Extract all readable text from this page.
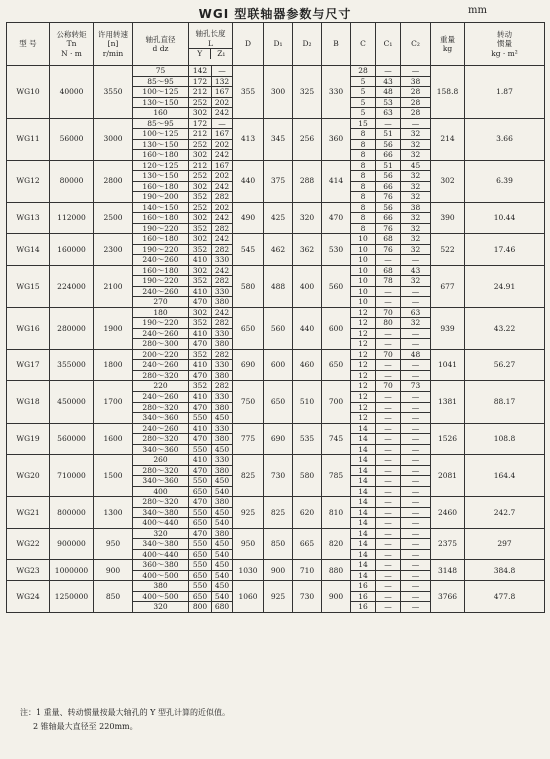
WGI 型联轴器参数与尺寸	mm
型 号	公称转矩
Tn
N · m	许用转速
[n]
r/min	轴孔直径
d dz	轴孔长度
L
Y Z₁		D	D₁	D₂	B	C	C₁	C₂	重量
kg	转动
惯量
kg · m²

WG10	40000	3550	75	142	—	355	300	325	330	28	—	—	158.8	1.87
			85～95	172	132					5	43	38		
			100～125	212	167					5	48	28		
			130～150	252	202					5	53	28		
			160	302	242					5	63	28		
WG11	56000	3000	85～95	172	—	413	345	256	360	15	—	—	214	3.66
			100～125	212	167					8	51	32		
			130～150	252	202					8	56	32		
			160～180	302	242					8	66	32		
WG12	80000	2800	120～125	212	167	440	375	288	414	8	51	45	302	6.39
			130～150	252	202					8	56	32		
			160～180	302	242					8	66	32		
			190～200	352	282					8	76	32		
WG13	112000	2500	140～150	252	202	490	425	320	470	8	56	38	390	10.44
			160～180	302	242					8	66	32		
			190～220	352	282					8	76	32		
WG14	160000	2300	160～180	302	242	545	462	362	530	10	68	32	522	17.46
			190～220	352	282					10	76	32		
			240～260	410	330					10	—	—		
WG15	224000	2100	160～180	302	242	580	488	400	560	10	68	43	677	24.91
			190～220	352	282					10	78	32		
			240～260	410	330					10	—	—		
			270	470	380					10	—	—		
WG16	280000	1900	180	302	242	650	560	440	600	12	70	63	939	43.22
			190～220	352	282					12	80	32		
			240～260	410	330					12	—	—		
			280～300	470	380					12	—	—		
WG17	355000	1800	200～220	352	282	690	600	460	650	12	70	48	1041	56.27
			240～260	410	330					12	—	—		
			280～320	470	380					12	—	—		
WG18	450000	1700	220	352	282	750	650	510	700	12	70	73	1381	88.17
			240～260	410	330					12	—	—		
			280～320	470	380					12	—	—		
			340～360	550	450					12	—	—		
WG19	560000	1600	240～260	410	330	775	690	535	745	14	—	—	1526	108.8
			280～320	470	380					14	—	—		
			340～360	550	450					14	—	—		
WG20	710000	1500	260	410	330	825	730	580	785	14	—	—	2081	164.4
			280～320	470	380					14	—	—		
			340～360	550	450					14	—	—		
			400	650	540					14	—	—		
WG21	800000	1300	280～320	470	380	925	825	620	810	14	—	—	2460	242.7
			340～380	550	450					14	—	—		
			400～440	650	540					14	—	—		
WG22	900000	950	320	470	380	950	850	665	820	14	—	—	2375	297
			340～380	550	450					14	—	—		
			400～440	650	540					14	—	—		
WG23	1000000	900	360～380	550	450	1030	900	710	880	14	—	—	3148	384.8
			400～500	650	540					14	—	—		
WG24	1250000	850	380	550	450	1060	925	730	900	16	—	—	3766	477.8
			400～500	650	540					16	—	—		
			320	800	680					16	—	—		
注：1 重量、转动惯量按最大轴孔的 Y 型孔计算的近似值。
2 锥轴最大直径至 220mm。
